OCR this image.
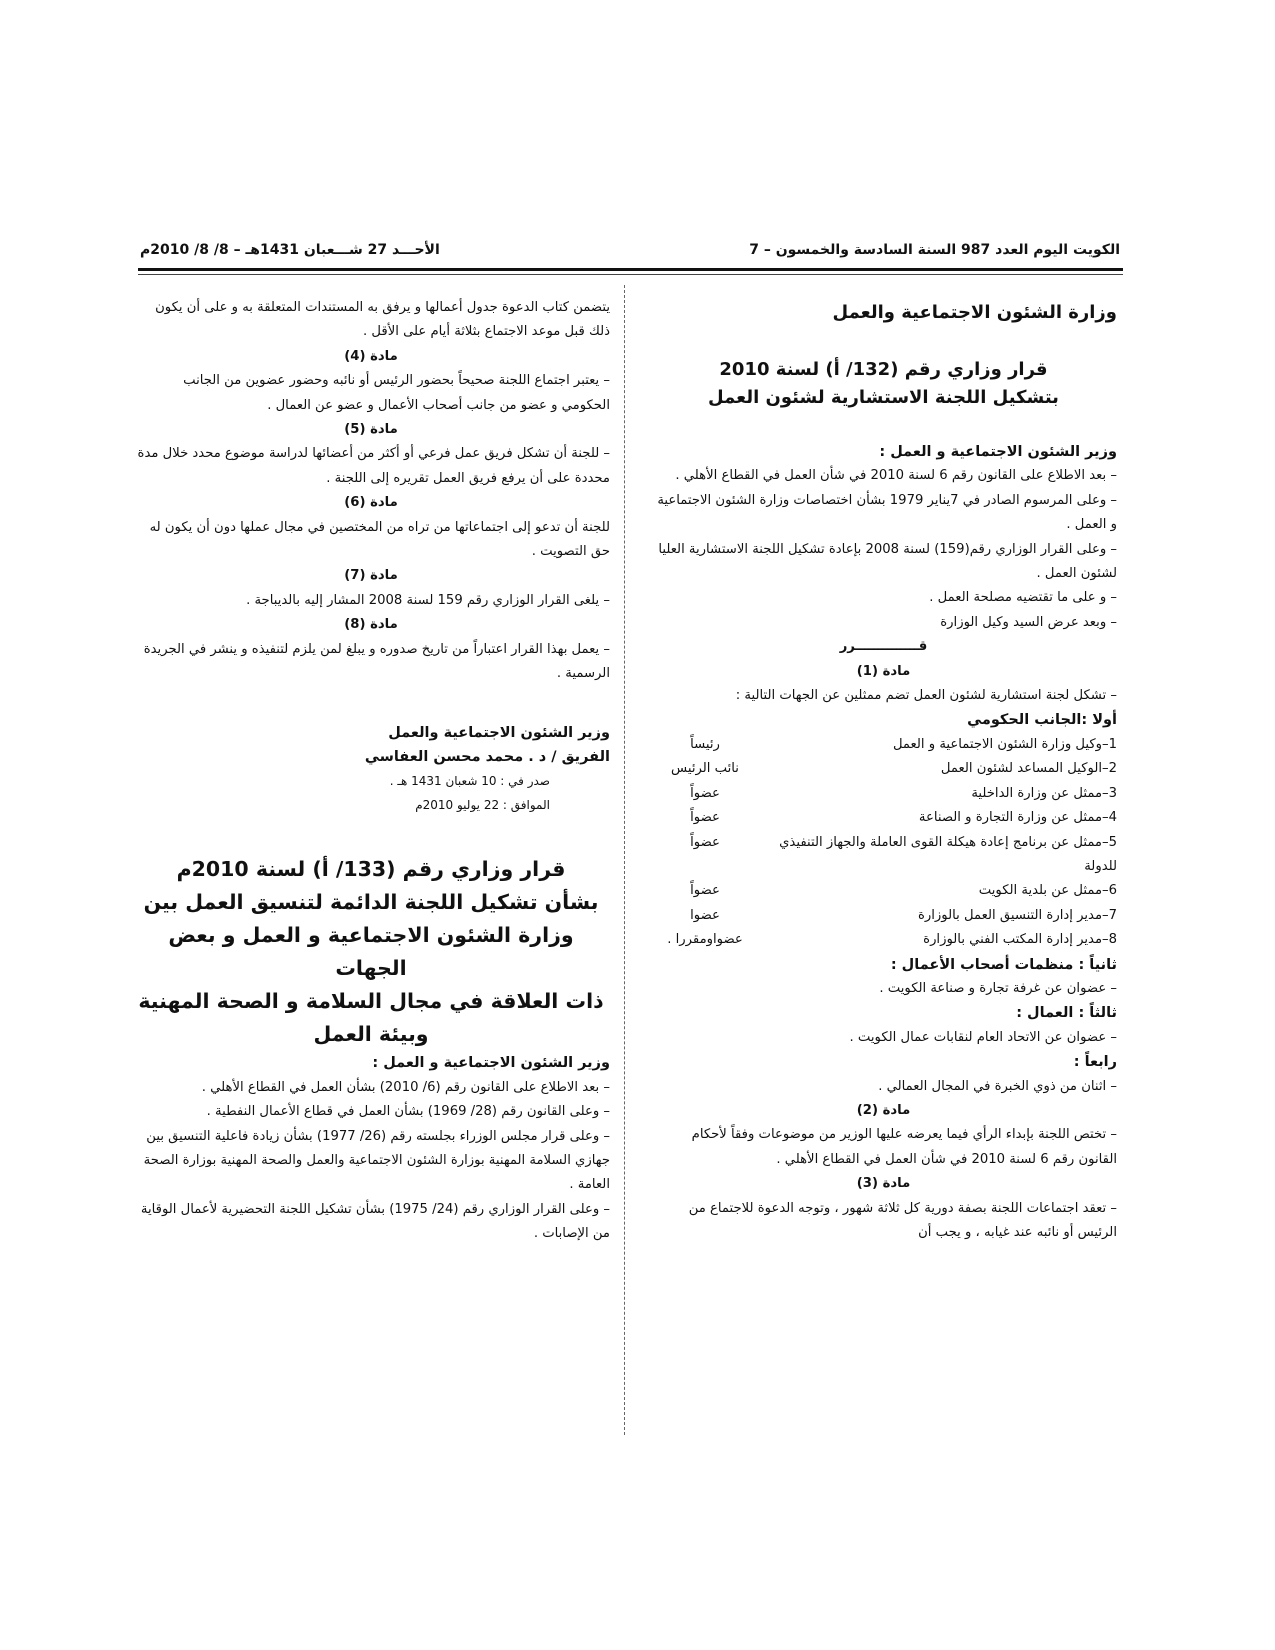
الكويت اليوم العدد 987 السنة السادسة والخمسون – 7
الأحـــد 27 شـــعبان 1431هـ – 8/ 8/ 2010م
وزارة الشئون الاجتماعية والعمل
قرار وزاري رقم (132/ أ) لسنة 2010
بتشكيل اللجنة الاستشارية لشئون العمل
وزير الشئون الاجتماعية و العمل :

– بعد الاطلاع على القانون رقم 6 لسنة 2010 في شأن العمل في القطاع الأهلي .

– وعلى المرسوم الصادر في 7يناير 1979 بشأن اختصاصات وزارة الشئون الاجتماعية و العمل .

– وعلى القرار الوزاري رقم(159) لسنة 2008 بإعادة تشكيل اللجنة الاستشارية العليا لشئون العمل .

– و على ما تقتضيه مصلحة العمل .

– وبعد عرض السيد وكيل الوزارة

قــــــــــــــرر
مادة (1)

– تشكل لجنة استشارية لشئون العمل تضم ممثلين عن الجهات التالية :

أولا :الجانب الحكومي
1–وكيل وزارة الشئون الاجتماعية و العمل
رئيساً
2–الوكيل المساعد لشئون العمل
نائب الرئيس
3–ممثل عن وزارة الداخلية
عضواً
4–ممثل عن وزارة التجارة و الصناعة
عضواً
5–ممثل عن برنامج إعادة هيكلة القوى العاملة والجهاز التنفيذي للدولة
عضواً
6–ممثل عن بلدية الكويت
عضواً
7–مدير إدارة التنسيق العمل بالوزارة
عضوا
8–مدير إدارة المكتب الفني بالوزارة
عضواومقررا .
ثانياً : منظمات أصحاب الأعمال :

– عضوان عن غرفة تجارة و صناعة الكويت .

ثالثاً : العمال :

– عضوان عن الاتحاد العام لنقابات عمال الكويت .

رابعاً :

– اثنان من ذوي الخبرة في المجال العمالي .

مادة (2)

– تختص اللجنة بإبداء الرأي فيما يعرضه عليها الوزير من موضوعات وفقاً لأحكام القانون رقم 6 لسنة 2010 في شأن العمل في القطاع الأهلي .

مادة (3)

– تعقد اجتماعات اللجنة بصفة دورية كل ثلاثة شهور ، وتوجه الدعوة للاجتماع من الرئيس أو نائبه عند غيابه ، و يجب أن

يتضمن كتاب الدعوة جدول أعمالها و يرفق به المستندات المتعلقة به و على أن يكون ذلك قبل موعد الاجتماع بثلاثة أيام على الأقل .

مادة (4)

– يعتبر اجتماع اللجنة صحيحاً بحضور الرئيس أو نائبه وحضور عضوين من الجانب الحكومي و عضو من جانب أصحاب الأعمال و عضو عن العمال .

مادة (5)

– للجنة أن تشكل فريق عمل فرعي أو أكثر من أعضائها لدراسة موضوع محدد خلال مدة محددة على أن يرفع فريق العمل تقريره إلى اللجنة .

مادة (6)

للجنة أن تدعو إلى اجتماعاتها من تراه من المختصين في مجال عملها دون أن يكون له حق التصويت .

مادة (7)

– يلغى القرار الوزاري رقم 159 لسنة 2008 المشار إليه بالديباجة .

مادة (8)

– يعمل بهذا القرار اعتباراً من تاريخ صدوره و يبلغ لمن يلزم لتنفيذه و ينشر في الجريدة الرسمية .

وزير الشئون الاجتماعية والعمل
الفريق / د . محمد محسن العفاسي
صدر في : 10 شعبان 1431 هـ .
الموافق : 22 يوليو 2010م
قرار وزاري رقم (133/ أ) لسنة 2010م
بشأن تشكيل اللجنة الدائمة لتنسيق العمل بين
وزارة الشئون الاجتماعية و العمل و بعض الجهات
ذات العلاقة في مجال السلامة و الصحة المهنية
وبيئة العمل
وزير الشئون الاجتماعية و العمل :

– بعد الاطلاع على القانون رقم (6/ 2010) بشأن العمل في القطاع الأهلي .

– وعلى القانون رقم (28/ 1969) بشأن العمل في قطاع الأعمال النفطية .

– وعلى قرار مجلس الوزراء بجلسته رقم (26/ 1977) بشأن زيادة فاعلية التنسيق بين جهازي السلامة المهنية بوزارة الشئون الاجتماعية والعمل والصحة المهنية بوزارة الصحة العامة .

– وعلى القرار الوزاري رقم (24/ 1975) بشأن تشكيل اللجنة التحضيرية لأعمال الوقاية من الإصابات .
